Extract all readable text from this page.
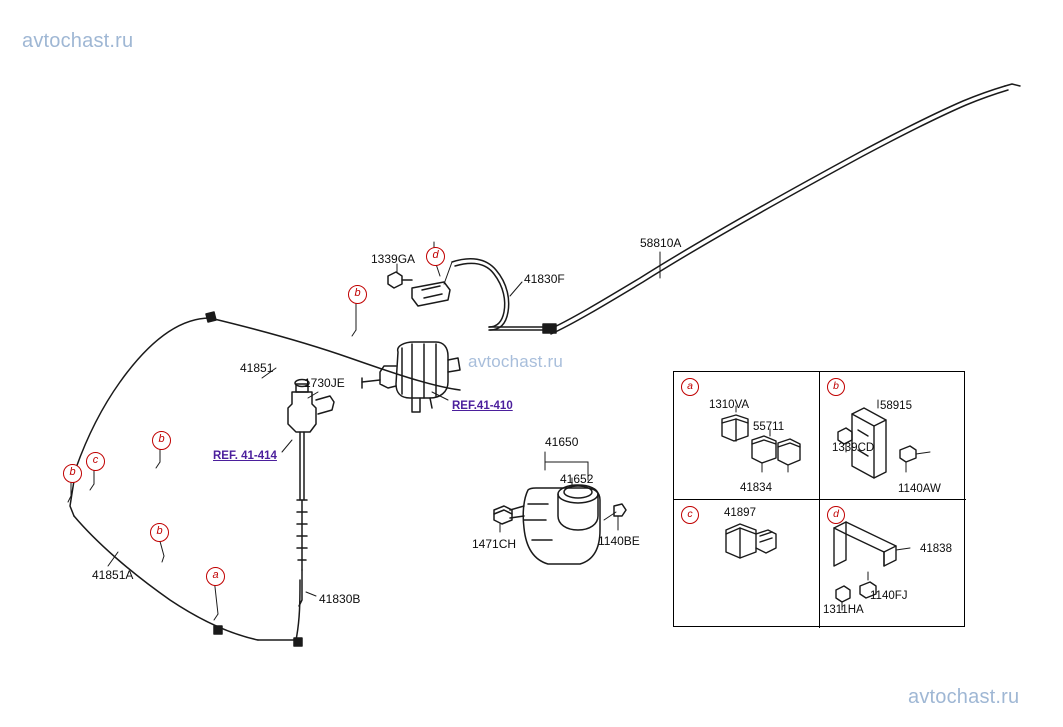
avtochast.ru
avtochast.ru
avtochast.ru
1339GA
41830F
58810A
41851
1730JE
41650
41652
1471CH	1140BE
41851A
41830B
REF.41-410
REF. 41-414
b
d
b
c
b
b
a
a
1310VA
55711
41834
b
58915
1339CD
1140AW
c	41897	d
41838
1140FJ
1311HA
